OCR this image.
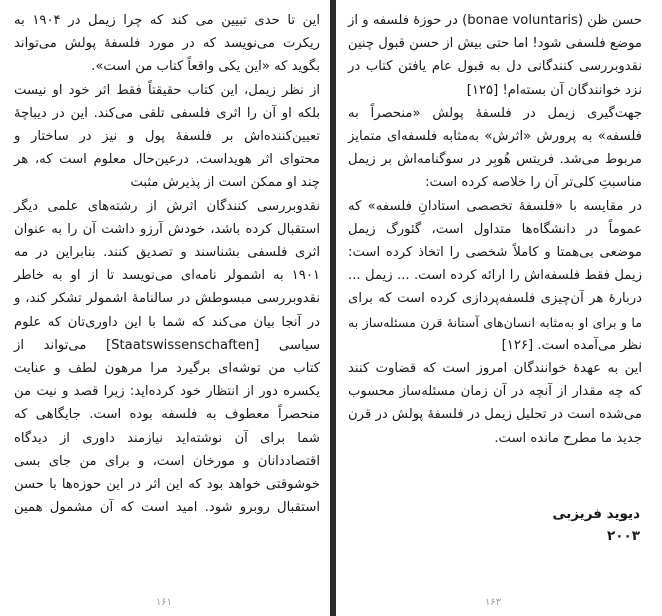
این تا حدی تبیین می کند که چرا زیمل در ۱۹۰۴ به

ریکرت می‌نویسد که در مورد فلسفهٔ پولش می‌تواند

بگوید که «این یکی واقعاً کتاب من است».

از نظر زیمل، این کتاب حقیقتاً فقط اثر خود او نیست

بلکه او آن را اثری فلسفی تلقی می‌کند. این در دیباچهٔ

تعیین‌کننده‌اش بر فلسفهٔ پول و نیز در ساختار و

محتوای اثر هویداست. در‌عین‌حال معلوم است که، هر

چند او ممکن است از پذیرش مثبت

نقدوبررسی کنندگان اثرش از رشته‌های علمی دیگر

استقبال کرده باشد، خودش آرزو داشت آن را به عنوان

اثری فلسفی بشناسند و تصدیق کنند. بنابراین در مه

۱۹۰۱ به اشمولر نامه‌ای می‌نویسد تا از او به خاطر

نقدوبررسی مبسوطش در سالنامهٔ اشمولر تشکر کند، و

در آنجا بیان می‌کند که شما با این داوری‌تان که علوم

سیاسی [Staatswissenschaften] می‌تواند از

کتاب من توشه‌ای برگیرد مرا مرهون لطف و عنایت

یکسره دور از انتظار خود کرده‌اید: زیرا قصد و نیت من

منحصراً معطوف به فلسفه بوده است. جایگاهی که

شما برای آن نوشته‌اید نیازمند داوری از دیدگاه

اقتصاددانان و مورخان است، و برای من جای بسی

خوشوقتی خواهد بود که این اثر در این حوزه‌ها با حسن

استقبال روبرو شود. امید است که آن مشمول همین

۱۶۱

حسن ظن (bonae voluntaris) در حوزهٔ فلسفه و از

موضع فلسفی شود! اما حتی بیش از حسن قبول چنین

نقدوبررسی کنندگانی دل به قبول عام یافتن کتاب در

نزد خوانندگان آن بسته‌ام! [۱۲۵]

جهت‌گیری زیمل در فلسفهٔ پولش «منحصراً به

فلسفه» به پرورش «اثرش» به‌مثابه فلسفه‌ای متمایز

مربوط می‌شد. فریتس هُوبِر در سوگنامه‌اش بر زیمل

مناسبتِ کلی‌تر آن را خلاصه کرده است:

در مقایسه با «فلسفهٔ تخصصی استادانِ فلسفه» که

عموماً در دانشگاه‌ها متداول است، گئورگ زیمل

موضعی بی‌همتا و کاملاً شخصی را اتخاذ کرده است:

زیمل فقط فلسفه‌اش را ارائه کرده است. ... زیمل ...

دربارهٔ هر آن‌چیزی فلسفه‌پردازی کرده است که برای

ما و برای او به‌مثابه انسان‌های آستانهٔ قرن مسئله‌ساز به

نظر می‌آمده است. [۱۲۶]

این به عهدهٔ خوانندگان امروز است که قضاوت کنند

که چه مقدار از آنچه در آن زمان مسئله‌ساز محسوب

می‌شده است در تحلیل زیمل در فلسفهٔ پولش در قرن

جدید ما مطرح مانده است.

دیوید فریزبی
۲۰۰۳
۱۶۳
